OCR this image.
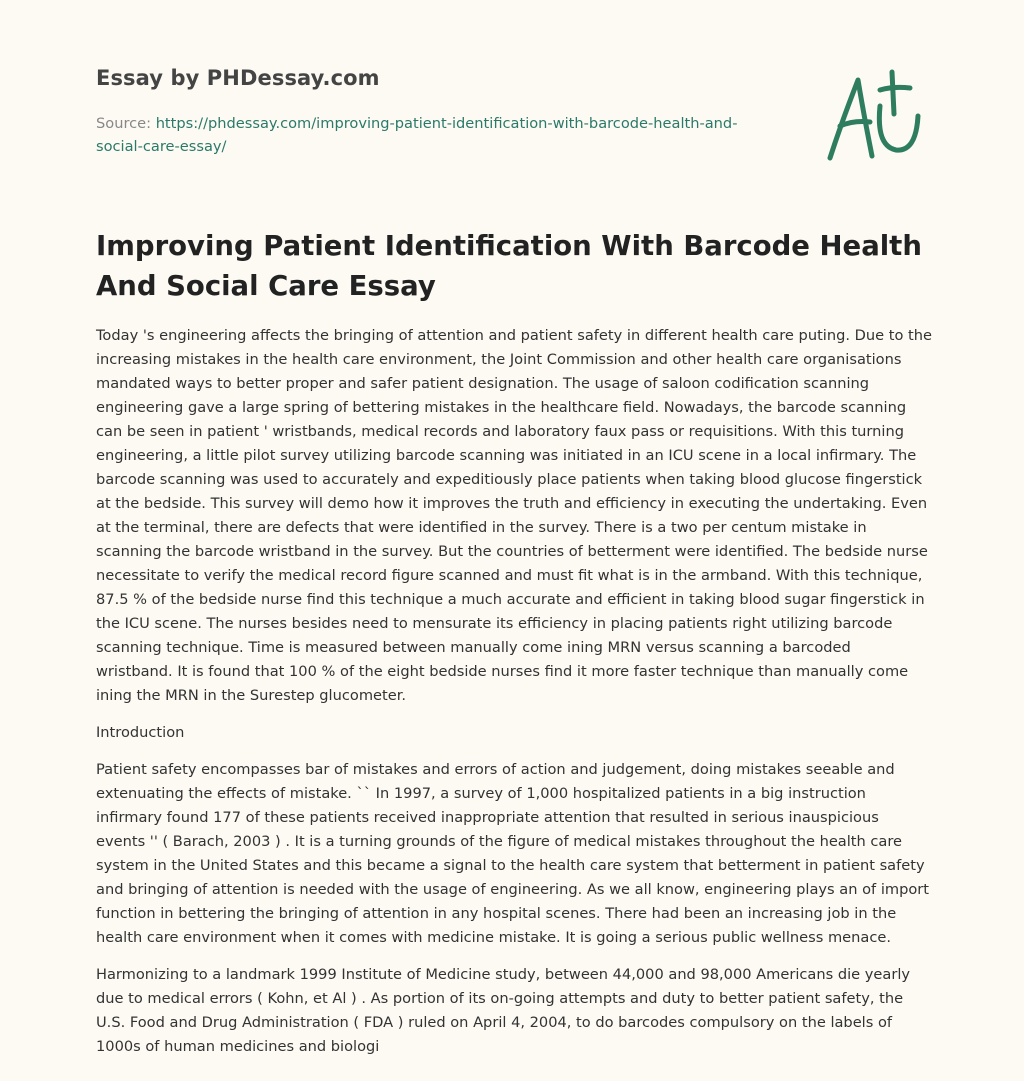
Essay by PHDessay.com
Source: https://phdessay.com/improving-patient-identification-with-barcode-health-and-social-care-essay/
Improving Patient Identification With Barcode Health And Social Care Essay

Today 's engineering affects the bringing of attention and patient safety in different health care puting. Due to the increasing mistakes in the health care environment, the Joint Commission and other health care organisations mandated ways to better proper and safer patient designation. The usage of saloon codification scanning engineering gave a large spring of bettering mistakes in the healthcare field. Nowadays, the barcode scanning can be seen in patient ' wristbands, medical records and laboratory faux pass or requisitions. With this turning engineering, a little pilot survey utilizing barcode scanning was initiated in an ICU scene in a local infirmary. The barcode scanning was used to accurately and expeditiously place patients when taking blood glucose fingerstick at the bedside. This survey will demo how it improves the truth and efficiency in executing the undertaking. Even at the terminal, there are defects that were identified in the survey. There is a two per centum mistake in scanning the barcode wristband in the survey. But the countries of betterment were identified. The bedside nurse necessitate to verify the medical record figure scanned and must fit what is in the armband. With this technique, 87.5 % of the bedside nurse find this technique a much accurate and efficient in taking blood sugar fingerstick in the ICU scene. The nurses besides need to mensurate its efficiency in placing patients right utilizing barcode scanning technique. Time is measured between manually come ining MRN versus scanning a barcoded wristband. It is found that 100 % of the eight bedside nurses find it more faster technique than manually come ining the MRN in the Surestep glucometer.

Introduction

Patient safety encompasses bar of mistakes and errors of action and judgement, doing mistakes seeable and extenuating the effects of mistake. `` In 1997, a survey of 1,000 hospitalized patients in a big instruction infirmary found 177 of these patients received inappropriate attention that resulted in serious inauspicious events '' ( Barach, 2003 ) . It is a turning grounds of the figure of medical mistakes throughout the health care system in the United States and this became a signal to the health care system that betterment in patient safety and bringing of attention is needed with the usage of engineering. As we all know, engineering plays an of import function in bettering the bringing of attention in any hospital scenes. There had been an increasing job in the health care environment when it comes with medicine mistake. It is going a serious public wellness menace.

Harmonizing to a landmark 1999 Institute of Medicine study, between 44,000 and 98,000 Americans die yearly due to medical errors ( Kohn, et Al ) . As portion of its on-going attempts and duty to better patient safety, the U.S. Food and Drug Administration ( FDA ) ruled on April 4, 2004, to do barcodes compulsory on the labels of 1000s of human medicines and biologi
